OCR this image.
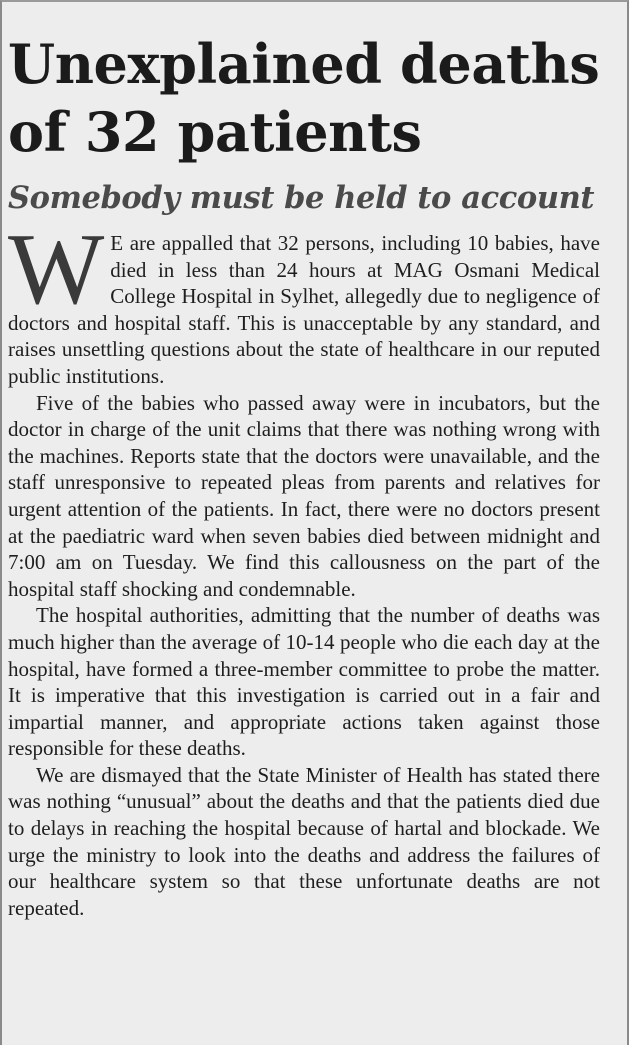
Unexplained deaths of 32 patients
Somebody must be held to account

WE are appalled that 32 persons, including 10 babies, have died in less than 24 hours at MAG Osmani Medical College Hospital in Sylhet, allegedly due to negligence of doctors and hospital staff. This is unacceptable by any standard, and raises unsettling questions about the state of healthcare in our reputed public institutions.

Five of the babies who passed away were in incubators, but the doctor in charge of the unit claims that there was nothing wrong with the machines. Reports state that the doctors were unavailable, and the staff unresponsive to repeated pleas from parents and relatives for urgent attention of the patients. In fact, there were no doctors present at the paediatric ward when seven babies died between midnight and 7:00 am on Tuesday. We find this callousness on the part of the hospital staff shocking and condemnable.

The hospital authorities, admitting that the number of deaths was much higher than the average of 10-14 people who die each day at the hospital, have formed a three-member committee to probe the matter. It is imperative that this investigation is carried out in a fair and impartial manner, and appropriate actions taken against those responsible for these deaths.

We are dismayed that the State Minister of Health has stated there was nothing “unusual” about the deaths and that the patients died due to delays in reaching the hospital because of hartal and blockade. We urge the ministry to look into the deaths and address the failures of our healthcare system so that these unfortunate deaths are not repeated.
